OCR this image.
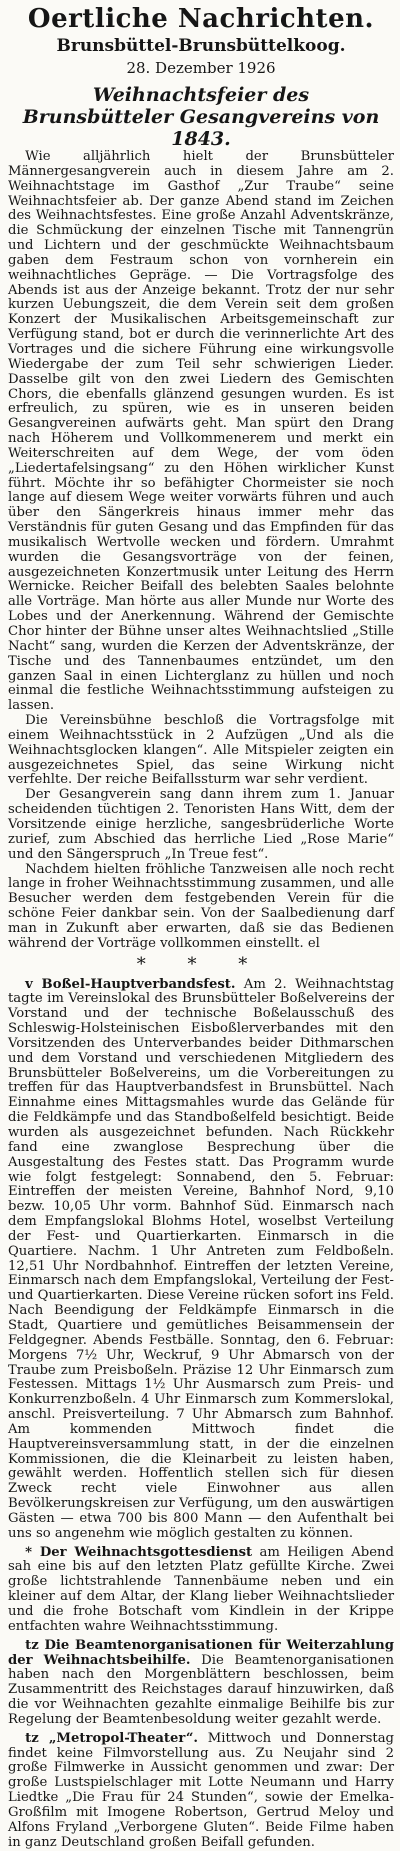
Oertliche Nachrichten.
Brunsbüttel-Brunsbüttelkoog.
28. Dezember 1926
Weihnachtsfeier des
Brunsbütteler Gesangvereins von 1843.

Wie alljährlich hielt der Brunsbütteler Männergesangverein auch in diesem Jahre am 2. Weihnachtstage im Gasthof „Zur Traube“ seine Weihnachtsfeier ab. Der ganze Abend stand im Zeichen des Weihnachtsfestes. Eine große Anzahl Adventskränze, die Schmückung der einzelnen Tische mit Tannengrün und Lichtern und der geschmückte Weihnachtsbaum gaben dem Festraum schon von vornherein ein weihnachtliches Gepräge. — Die Vortragsfolge des Abends ist aus der Anzeige bekannt. Trotz der nur sehr kurzen Uebungszeit, die dem Verein seit dem großen Konzert der Musikalischen Arbeitsgemeinschaft zur Verfügung stand, bot er durch die verinnerlichte Art des Vortrages und die sichere Führung eine wirkungsvolle Wiedergabe der zum Teil sehr schwierigen Lieder. Dasselbe gilt von den zwei Liedern des Gemischten Chors, die ebenfalls glänzend gesungen wurden. Es ist erfreulich, zu spüren, wie es in unseren beiden Gesangvereinen aufwärts geht. Man spürt den Drang nach Höherem und Vollkommenerem und merkt ein Weiterschreiten auf dem Wege, der vom öden „Liedertafelsingsang“ zu den Höhen wirklicher Kunst führt. Möchte ihr so befähigter Chormeister sie noch lange auf diesem Wege weiter vorwärts führen und auch über den Sängerkreis hinaus immer mehr das Verständnis für guten Gesang und das Empfinden für das musikalisch Wertvolle wecken und fördern. Umrahmt wurden die Gesangsvorträge von der feinen, ausgezeichneten Konzertmusik unter Leitung des Herrn Wernicke. Reicher Beifall des belebten Saales belohnte alle Vorträge. Man hörte aus aller Munde nur Worte des Lobes und der Anerkennung. Während der Gemischte Chor hinter der Bühne unser altes Weihnachtslied „Stille Nacht“ sang, wurden die Kerzen der Adventskränze, der Tische und des Tannenbaumes entzündet, um den ganzen Saal in einen Lichterglanz zu hüllen und noch einmal die festliche Weihnachtsstimmung aufsteigen zu lassen.

Die Vereinsbühne beschloß die Vortragsfolge mit einem Weihnachtsstück in 2 Aufzügen „Und als die Weihnachtsglocken klangen“. Alle Mitspieler zeigten ein ausgezeichnetes Spiel, das seine Wirkung nicht verfehlte. Der reiche Beifallssturm war sehr verdient.

Der Gesangverein sang dann ihrem zum 1. Januar scheidenden tüchtigen 2. Tenoristen Hans Witt, dem der Vorsitzende einige herzliche, sangesbrüderliche Worte zurief, zum Abschied das herrliche Lied „Rose Marie“ und den Sängerspruch „In Treue fest“.

Nachdem hielten fröhliche Tanzweisen alle noch recht lange in froher Weihnachtsstimmung zusammen, und alle Besucher werden dem festgebenden Verein für die schöne Feier dankbar sein. Von der Saalbedienung darf man in Zukunft aber erwarten, daß sie das Bedienen während der Vorträge vollkommen einstellt. el

* * *

v Boßel-Hauptverbandsfest. Am 2. Weihnachtstag tagte im Vereinslokal des Brunsbütteler Boßelvereins der Vorstand und der technische Boßelausschuß des Schleswig-Holsteinischen Eisboßlerverbandes mit den Vorsitzenden des Unterverbandes beider Dithmarschen und dem Vorstand und verschiedenen Mitgliedern des Brunsbütteler Boßelvereins, um die Vorbereitungen zu treffen für das Hauptverbandsfest in Brunsbüttel. Nach Einnahme eines Mittagsmahles wurde das Gelände für die Feldkämpfe und das Standboßelfeld besichtigt. Beide wurden als ausgezeichnet befunden. Nach Rückkehr fand eine zwanglose Besprechung über die Ausgestaltung des Festes statt. Das Programm wurde wie folgt festgelegt: Sonnabend, den 5. Februar: Eintreffen der meisten Vereine, Bahnhof Nord, 9,10 bezw. 10,05 Uhr vorm. Bahnhof Süd. Einmarsch nach dem Empfangslokal Blohms Hotel, woselbst Verteilung der Fest- und Quartierkarten. Einmarsch in die Quartiere. Nachm. 1 Uhr Antreten zum Feldboßeln. 12,51 Uhr Nordbahnhof. Eintreffen der letzten Vereine, Einmarsch nach dem Empfangslokal, Verteilung der Fest- und Quartierkarten. Diese Vereine rücken sofort ins Feld. Nach Beendigung der Feldkämpfe Einmarsch in die Stadt, Quartiere und gemütliches Beisammensein der Feldgegner. Abends Festbälle. Sonntag, den 6. Februar: Morgens 7½ Uhr, Weckruf, 9 Uhr Abmarsch von der Traube zum Preisboßeln. Präzise 12 Uhr Einmarsch zum Festessen. Mittags 1½ Uhr Ausmarsch zum Preis- und Konkurrenzboßeln. 4 Uhr Einmarsch zum Kommerslokal, anschl. Preisverteilung. 7 Uhr Abmarsch zum Bahnhof. Am kommenden Mittwoch findet die Hauptvereinsversammlung statt, in der die einzelnen Kommissionen, die die Kleinarbeit zu leisten haben, gewählt werden. Hoffentlich stellen sich für diesen Zweck recht viele Einwohner aus allen Bevölkerungskreisen zur Verfügung, um den auswärtigen Gästen — etwa 700 bis 800 Mann — den Aufenthalt bei uns so angenehm wie möglich gestalten zu können.

* Der Weihnachtsgottesdienst am Heiligen Abend sah eine bis auf den letzten Platz gefüllte Kirche. Zwei große lichtstrahlende Tannenbäume neben und ein kleiner auf dem Altar, der Klang lieber Weihnachtslieder und die frohe Botschaft vom Kindlein in der Krippe entfachten wahre Weihnachtsstimmung.

tz Die Beamtenorganisationen für Weiterzahlung der Weihnachtsbeihilfe. Die Beamtenorganisationen haben nach den Morgenblättern beschlossen, beim Zusammentritt des Reichstages darauf hinzuwirken, daß die vor Weihnachten gezahlte einmalige Beihilfe bis zur Regelung der Beamtenbesoldung weiter gezahlt werde.

tz „Metropol-Theater“. Mittwoch und Donnerstag findet keine Filmvorstellung aus. Zu Neujahr sind 2 große Filmwerke in Aussicht genommen und zwar: Der große Lustspielschlager mit Lotte Neumann und Harry Liedtke „Die Frau für 24 Stunden“, sowie der Emelka-Großfilm mit Imogene Robertson, Gertrud Meloy und Alfons Fryland „Verborgene Gluten“. Beide Filme haben in ganz Deutschland großen Beifall gefunden.
